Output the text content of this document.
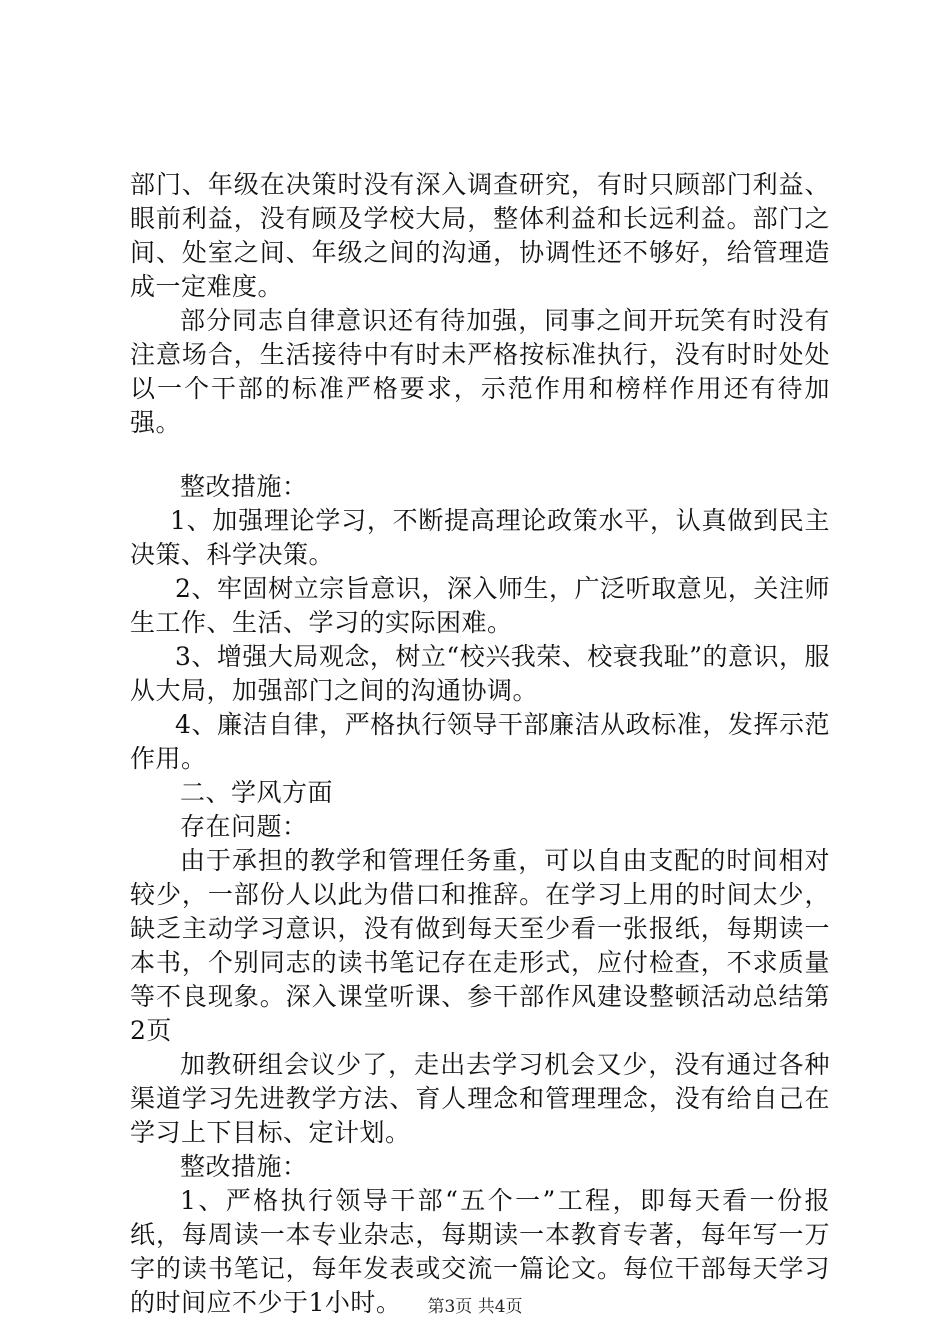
部门、年级在决策时没有深入调查研究，有时只顾部门利益、眼前利益，没有顾及学校大局，整体利益和长远利益。部门之间、处室之间、年级之间的沟通，协调性还不够好，给管理造成一定难度。

部分同志自律意识还有待加强，同事之间开玩笑有时没有注意场合，生活接待中有时未严格按标准执行，没有时时处处以一个干部的标准严格要求，示范作用和榜样作用还有待加强。

整改措施：

1、加强理论学习，不断提高理论政策水平，认真做到民主决策、科学决策。

2、牢固树立宗旨意识，深入师生，广泛听取意见，关注师生工作、生活、学习的实际困难。

3、增强大局观念，树立“校兴我荣、校衰我耻”的意识，服从大局，加强部门之间的沟通协调。

4、廉洁自律，严格执行领导干部廉洁从政标准，发挥示范作用。

二、学风方面

存在问题：

由于承担的教学和管理任务重，可以自由支配的时间相对较少，一部份人以此为借口和推辞。在学习上用的时间太少，缺乏主动学习意识，没有做到每天至少看一张报纸，每期读一本书，个别同志的读书笔记存在走形式，应付检查，不求质量等不良现象。深入课堂听课、参干部作风建设整顿活动总结第2页

加教研组会议少了，走出去学习机会又少，没有通过各种渠道学习先进教学方法、育人理念和管理理念，没有给自己在学习上下目标、定计划。

整改措施：

1、严格执行领导干部“五个一”工程，即每天看一份报纸，每周读一本专业杂志，每期读一本教育专著，每年写一万字的读书笔记，每年发表或交流一篇论文。每位干部每天学习的时间应不少于1小时。	第3页 共4页
